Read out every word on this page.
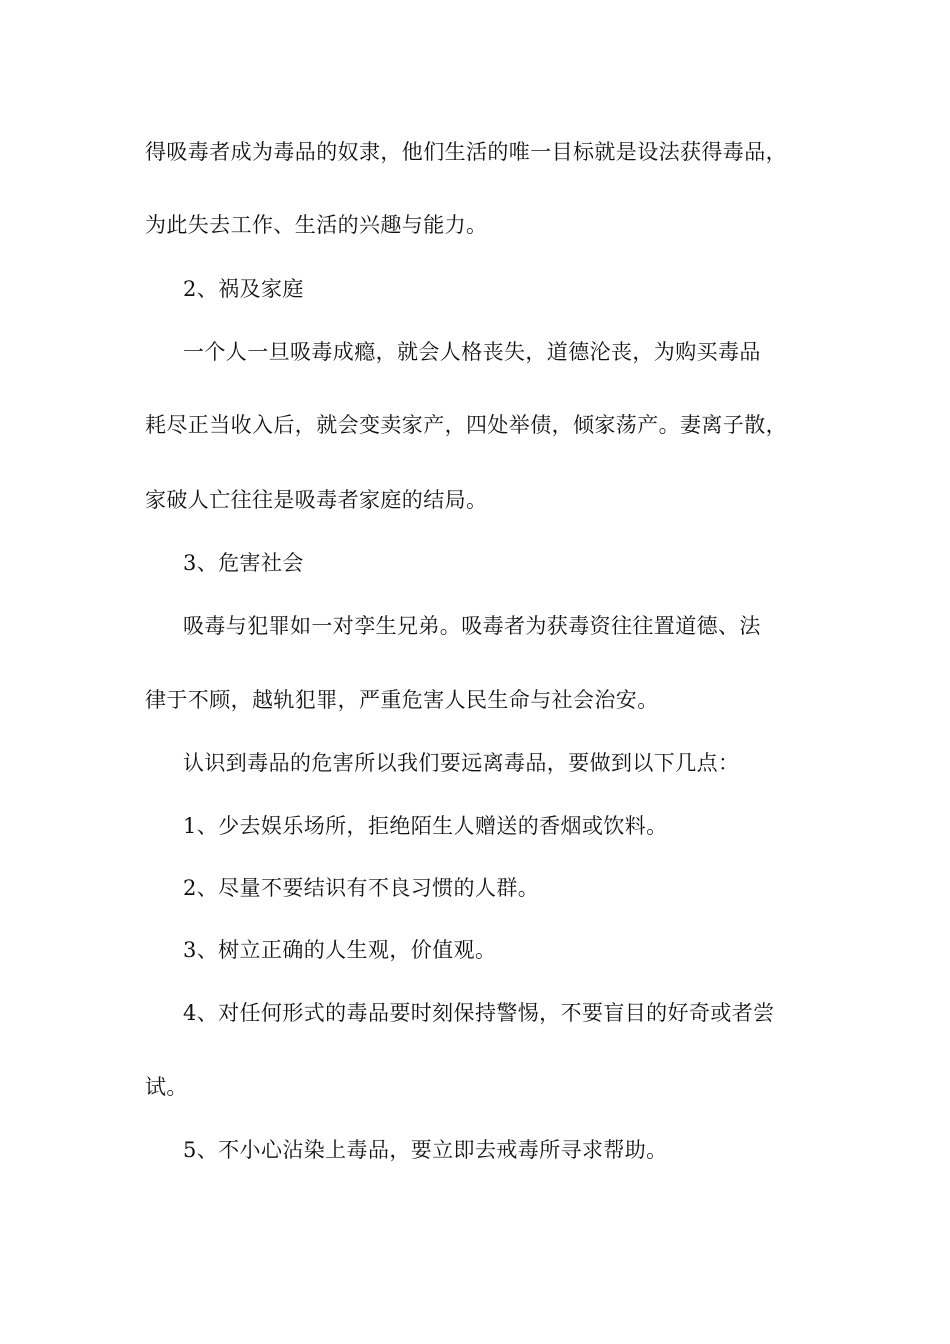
得吸毒者成为毒品的奴隶，他们生活的唯一目标就是设法获得毒品，
为此失去工作、生活的兴趣与能力。
2、祸及家庭
一个人一旦吸毒成瘾，就会人格丧失，道德沦丧，为购买毒品
耗尽正当收入后，就会变卖家产，四处举债，倾家荡产。妻离子散，
家破人亡往往是吸毒者家庭的结局。
3、危害社会
吸毒与犯罪如一对孪生兄弟。吸毒者为获毒资往往置道德、法
律于不顾，越轨犯罪，严重危害人民生命与社会治安。
认识到毒品的危害所以我们要远离毒品，要做到以下几点：
1、少去娱乐场所，拒绝陌生人赠送的香烟或饮料。
2、尽量不要结识有不良习惯的人群。
3、树立正确的人生观，价值观。
4、对任何形式的毒品要时刻保持警惕，不要盲目的好奇或者尝
试。
5、不小心沾染上毒品，要立即去戒毒所寻求帮助。
